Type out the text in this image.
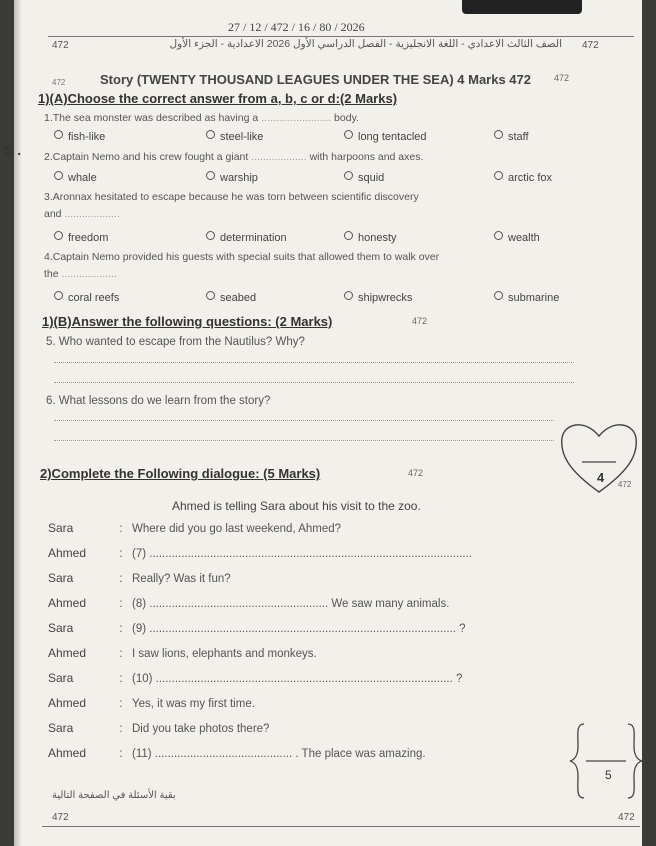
27 / 12 / 472 / 16 / 80 / 2026
472	الصف الثالث الاعدادي - اللغة الانجليزية - الفصل الدراسي الأول 2026 الاعدادية - الجزء الأول 472
472	Story (TWENTY THOUSAND LEAGUES UNDER THE SEA) 4 Marks 472	472
1)(A)Choose the correct answer from a, b, c or d:(2 Marks)
1.The sea monster was described as having a ........................ body.
fish-like	steel-like	long tentacled	staff
S . 2.Captain Nemo and his crew fought a giant ................... with harpoons and axes.
whale	warship	squid	arctic fox
3.Aronnax hesitated to escape because he was torn between scientific discovery
and ...................
freedom	determination	honesty	wealth
4.Captain Nemo provided his guests with special suits that allowed them to walk over
the ...................
coral reefs	seabed	shipwrecks	submarine
1)(B)Answer the following questions: (2 Marks)	472
5. Who wanted to escape from the Nautilus? Why?
6. What lessons do we learn from the story?
4 472
2)Complete the Following dialogue: (5 Marks)	472
Ahmed is telling Sara about his visit to the zoo.
Sara	: Where did you go last weekend, Ahmed?
Ahmed	: (7) .....................................................................................................
Sara	: Really? Was it fun?
Ahmed	: (8) ........................................................ We saw many animals.
Sara	: (9) ................................................................................................ ?
Ahmed	: I saw lions, elephants and monkeys.
Sara	: (10) ............................................................................................. ?
Ahmed	: Yes, it was my first time.
Sara	: Did you take photos there?
Ahmed	: (11) ........................................... . The place was amazing.
5
بقية الأسئلة في الصفحة التالية
472	472
